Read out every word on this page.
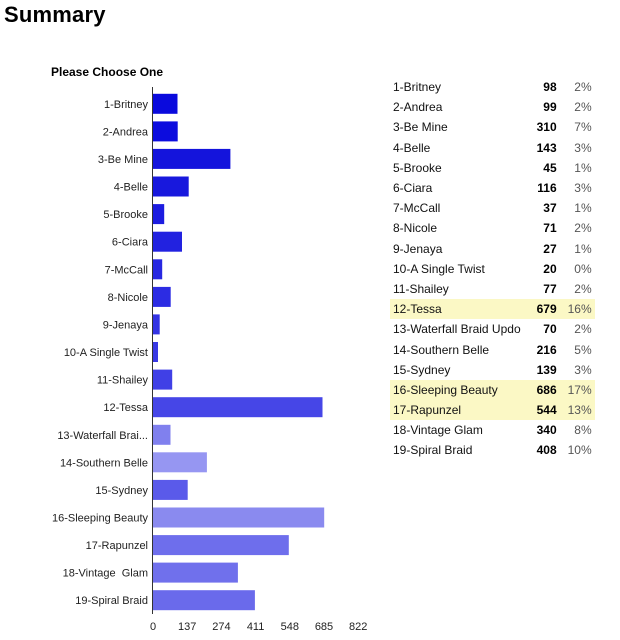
Summary
Please Choose One
1-Britney
2-Andrea
3-Be Mine
4-Belle
5-Brooke
6-Ciara
7-McCall
8-Nicole
9-Jenaya
10-A Single Twist
11-Shailey
12-Tessa
13-Waterfall Brai...
14-Southern Belle
15-Sydney
16-Sleeping Beauty
17-Rapunzel
18-Vintage  Glam
19-Spiral Braid
0 137 274 411 548 685 822
1-Britney	98	2%
2-Andrea	99	2%
3-Be Mine	310	7%
4-Belle	143	3%
5-Brooke	45	1%
6-Ciara	116	3%
7-McCall	37	1%
8-Nicole	71	2%
9-Jenaya	27	1%
10-A Single Twist	20	0%
11-Shailey	77	2%
12-Tessa	679	16%
13-Waterfall Braid Updo	70	2%
14-Southern Belle	216	5%
15-Sydney	139	3%
16-Sleeping Beauty	686	17%
17-Rapunzel	544	13%
18-Vintage Glam	340	8%
19-Spiral Braid	408	10%
